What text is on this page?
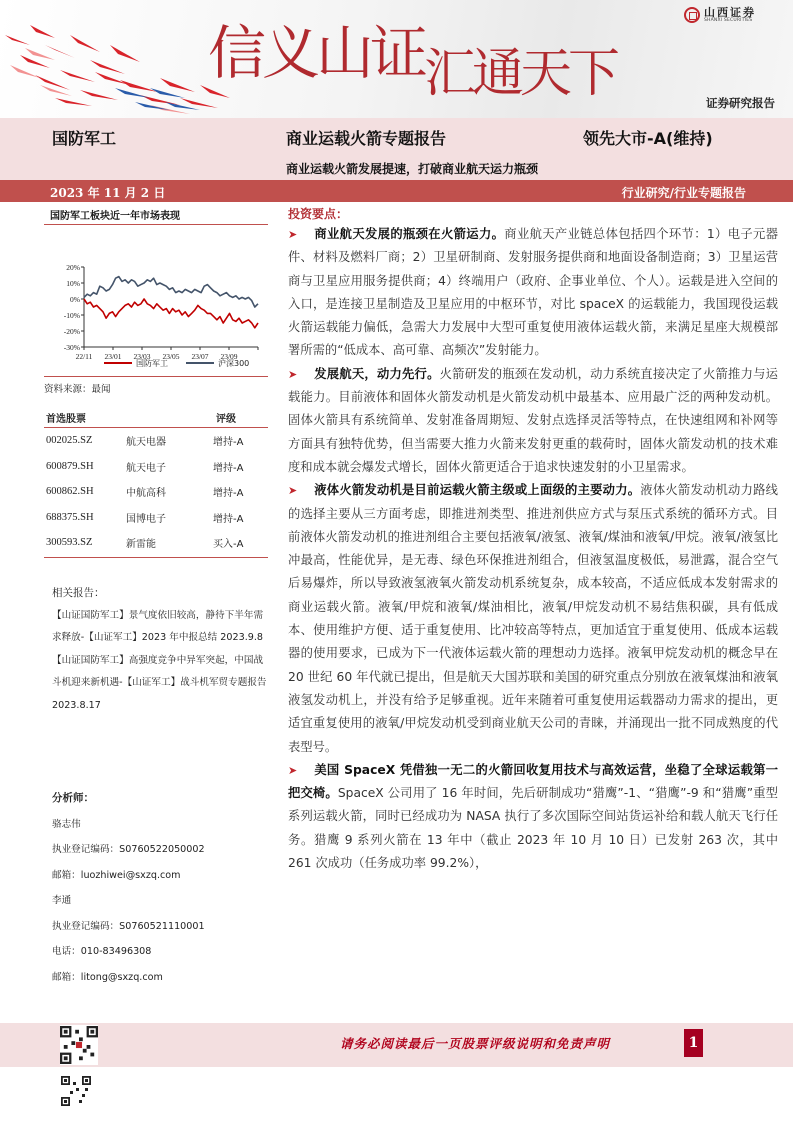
信义山证汇通天下
山西证券
SHANXI SECURITIES
证券研究报告
国防军工	商业运载火箭专题报告	领先大市-A(维持)
商业运载火箭发展提速，打破商业航天运力瓶颈
2023 年 11 月 2 日	行业研究/行业专题报告
国防军工板块近一年市场表现
20%
10%
0%
-10%
-20%
-30%
22/11 23/01 23/03 23/05 23/07 23/09
国防军工	沪深300
资料来源：最闻
首选股票	评级
002025.SZ	航天电器	增持-A
600879.SH	航天电子	增持-A
600862.SH	中航高科	增持-A
688375.SH	国博电子	增持-A
300593.SZ	新雷能	买入-A
相关报告：
【山证国防军工】景气度依旧较高，静待下半年需求释放-【山证军工】2023 年中报总结 2023.9.8
【山证国防军工】高强度竞争中异军突起，中国战斗机迎来新机遇-【山证军工】战斗机军贸专题报告 2023.8.17
分析师：
骆志伟
执业登记编码：S0760522050002
邮箱：luozhiwei@sxzq.com
李通
执业登记编码：S0760521110001
电话：010-83496308
邮箱：litong@sxzq.com
投资要点：
➤ 商业航天发展的瓶颈在火箭运力。商业航天产业链总体包括四个环节：1）电子元器件、材料及燃料厂商；2）卫星研制商、发射服务提供商和地面设备制造商；3）卫星运营商与卫星应用服务提供商；4）终端用户（政府、企事业单位、个人）。运载是进入空间的入口，是连接卫星制造及卫星应用的中枢环节，对比 spaceX 的运载能力，我国现役运载火箭运载能力偏低，急需大力发展中大型可重复使用液体运载火箭，来满足星座大规模部署所需的“低成本、高可靠、高频次”发射能力。
➤ 发展航天，动力先行。火箭研发的瓶颈在发动机，动力系统直接决定了火箭推力与运载能力。目前液体和固体火箭发动机是火箭发动机中最基本、应用最广泛的两种发动机。固体火箭具有系统简单、发射准备周期短、发射点选择灵活等特点，在快速组网和补网等方面具有独特优势，但当需要大推力火箭来发射更重的载荷时，固体火箭发动机的技术难度和成本就会爆发式增长，固体火箭更适合于追求快速发射的小卫星需求。
➤ 液体火箭发动机是目前运载火箭主级或上面级的主要动力。液体火箭发动机动力路线的选择主要从三方面考虑，即推进剂类型、推进剂供应方式与泵压式系统的循环方式。目前液体火箭发动机的推进剂组合主要包括液氧/液氢、液氧/煤油和液氧/甲烷。液氧/液氢比冲最高，性能优异，是无毒、绿色环保推进剂组合，但液氢温度极低，易泄露，混合空气后易爆炸，所以导致液氢液氧火箭发动机系统复杂，成本较高，不适应低成本发射需求的商业运载火箭。液氧/甲烷和液氧/煤油相比，液氧/甲烷发动机不易结焦积碳，具有低成本、使用维护方便、适于重复使用、比冲较高等特点，更加适宜于重复使用、低成本运载器的使用要求，已成为下一代液体运载火箭的理想动力选择。液氧甲烷发动机的概念早在 20 世纪 60 年代就已提出，但是航天大国苏联和美国的研究重点分别放在液氧煤油和液氧液氢发动机上，并没有给予足够重视。近年来随着可重复使用运载器动力需求的提出，更适宜重复使用的液氧/甲烷发动机受到商业航天公司的青睐，并涌现出一批不同成熟度的代表型号。
➤ 美国 SpaceX 凭借独一无二的火箭回收复用技术与高效运营，坐稳了全球运载第一把交椅。SpaceX 公司用了 16 年时间，先后研制成功“猎鹰”-1、“猎鹰”-9 和“猎鹰”重型系列运载火箭，同时已经成功为 NASA 执行了多次国际空间站货运补给和载人航天飞行任务。猎鹰 9 系列火箭在 13 年中（截止 2023 年 10 月 10 日）已发射 263 次，其中 261 次成功（任务成功率 99.2%），
请务必阅读最后一页股票评级说明和免责声明	1
